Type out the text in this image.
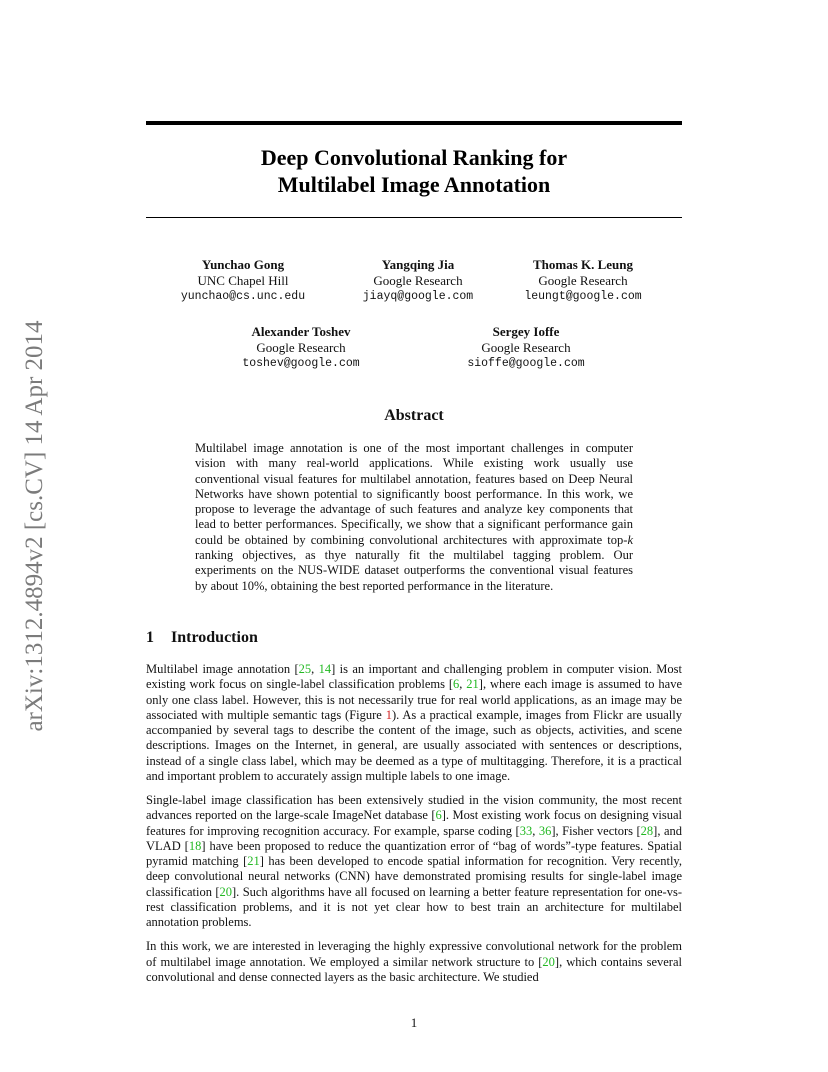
arXiv:1312.4894v2 [cs.CV] 14 Apr 2014
Deep Convolutional Ranking for
Multilabel Image Annotation
Yunchao Gong
UNC Chapel Hill
yunchao@cs.unc.edu
Yangqing Jia
Google Research
jiayq@google.com
Thomas K. Leung
Google Research
leungt@google.com
Alexander Toshev
Google Research
toshev@google.com
Sergey Ioffe
Google Research
sioffe@google.com
Abstract
Multilabel image annotation is one of the most important challenges in computer vision with many real-world applications. While existing work usually use conventional visual features for multilabel annotation, features based on Deep Neural Networks have shown potential to significantly boost performance. In this work, we propose to leverage the advantage of such features and analyze key components that lead to better performances. Specifically, we show that a significant performance gain could be obtained by combining convolutional architectures with approximate top-k ranking objectives, as thye naturally fit the multilabel tagging problem. Our experiments on the NUS-WIDE dataset outperforms the conventional visual features by about 10%, obtaining the best reported performance in the literature.
1 Introduction

Multilabel image annotation [25, 14] is an important and challenging problem in computer vision. Most existing work focus on single-label classification problems [6, 21], where each image is assumed to have only one class label. However, this is not necessarily true for real world applications, as an image may be associated with multiple semantic tags (Figure 1). As a practical example, images from Flickr are usually accompanied by several tags to describe the content of the image, such as objects, activities, and scene descriptions. Images on the Internet, in general, are usually associated with sentences or descriptions, instead of a single class label, which may be deemed as a type of multitagging. Therefore, it is a practical and important problem to accurately assign multiple labels to one image.

Single-label image classification has been extensively studied in the vision community, the most recent advances reported on the large-scale ImageNet database [6]. Most existing work focus on designing visual features for improving recognition accuracy. For example, sparse coding [33, 36], Fisher vectors [28], and VLAD [18] have been proposed to reduce the quantization error of “bag of words”-type features. Spatial pyramid matching [21] has been developed to encode spatial information for recognition. Very recently, deep convolutional neural networks (CNN) have demonstrated promising results for single-label image classification [20]. Such algorithms have all focused on learning a better feature representation for one-vs-rest classification problems, and it is not yet clear how to best train an architecture for multilabel annotation problems.

In this work, we are interested in leveraging the highly expressive convolutional network for the problem of multilabel image annotation. We employed a similar network structure to [20], which contains several convolutional and dense connected layers as the basic architecture. We studied

1
